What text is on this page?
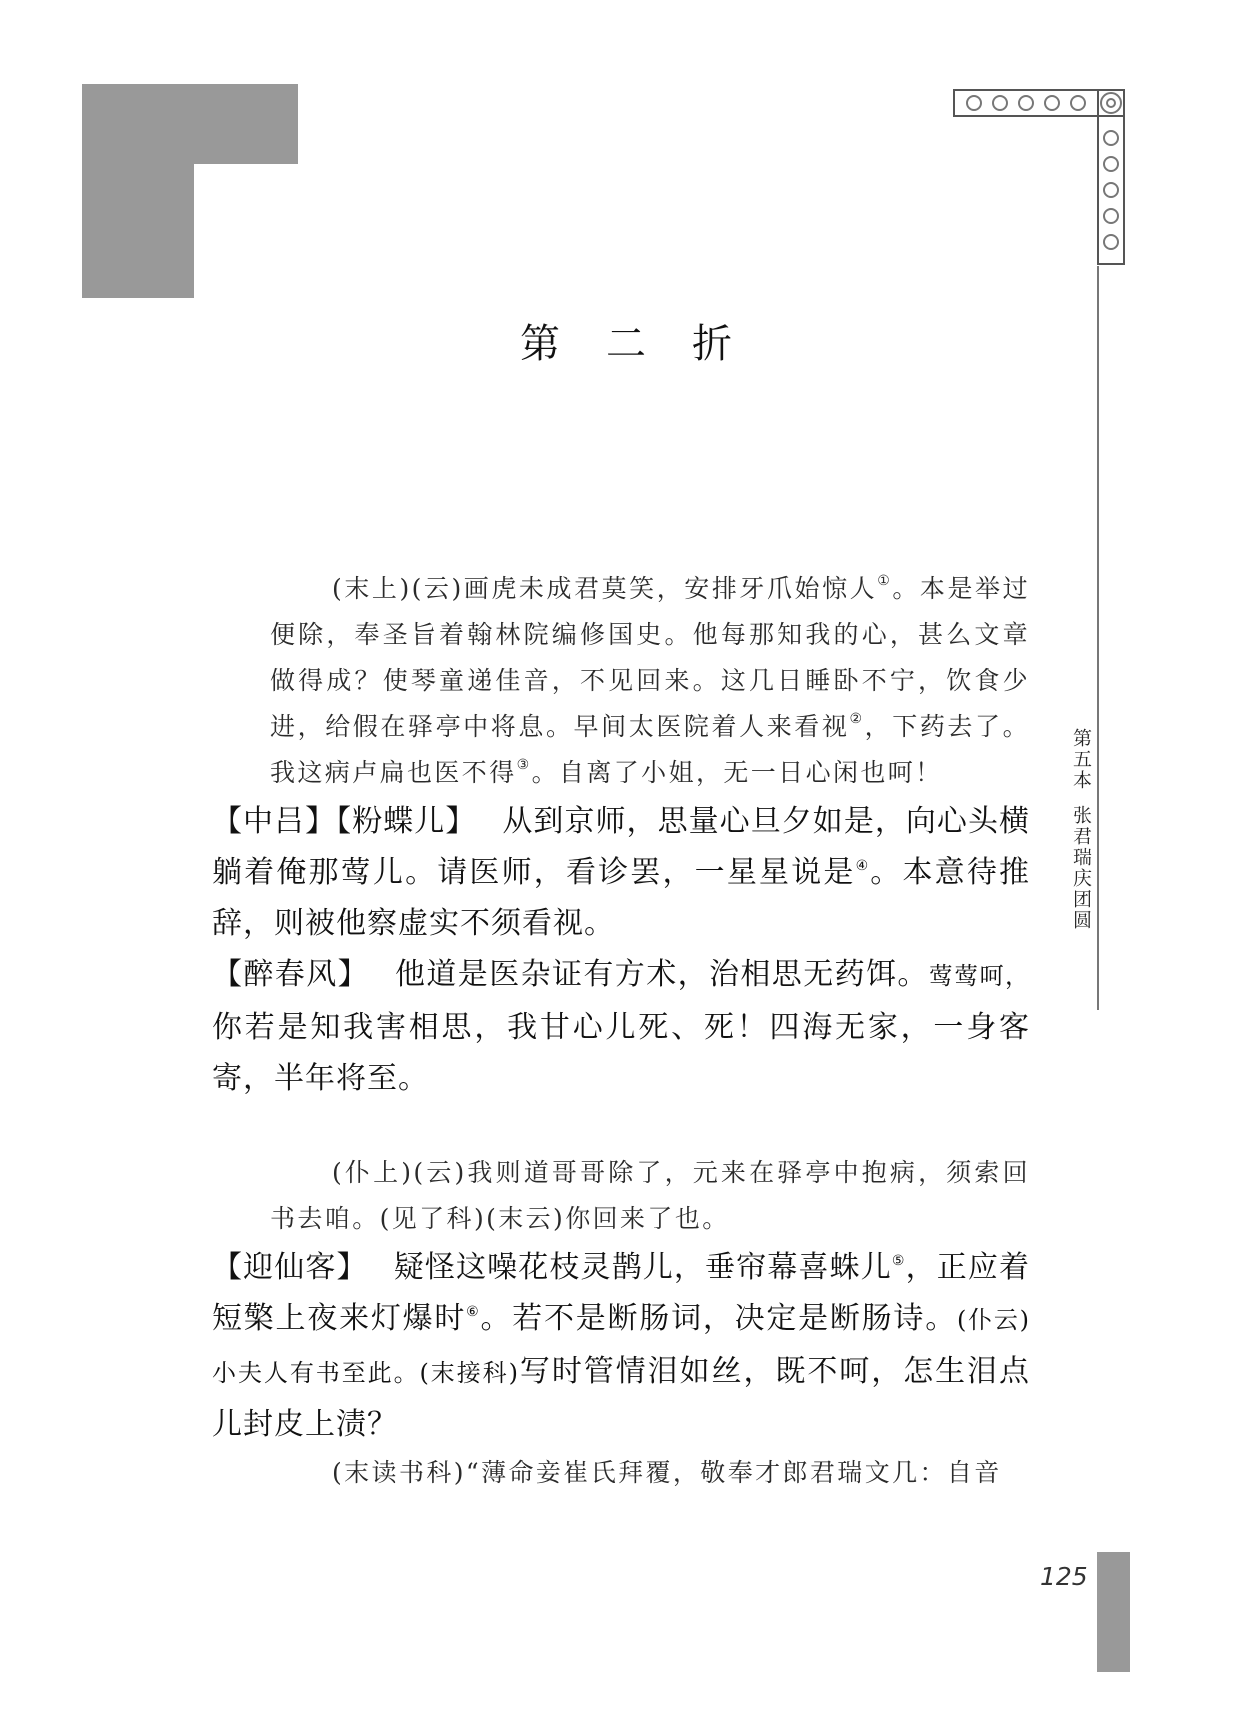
第五本张君瑞庆团圆
第二折

(末上)(云)画虎未成君莫笑，安排牙爪始惊人①。本是举过便除，奉圣旨着翰林院编修国史。他每那知我的心，甚么文章做得成？使琴童递佳音，不见回来。这几日睡卧不宁，饮食少进，给假在驿亭中将息。早间太医院着人来看视②，下药去了。我这病卢扁也医不得③。自离了小姐，无一日心闲也呵！

【中吕】【粉蝶儿】 从到京师，思量心旦夕如是，向心头横躺着俺那莺儿。请医师，看诊罢，一星星说是④。本意待推辞，则被他察虚实不须看视。

【醉春风】 他道是医杂证有方术，治相思无药饵。莺莺呵，你若是知我害相思，我甘心儿死、死！四海无家，一身客寄，半年将至。

(仆上)(云)我则道哥哥除了，元来在驿亭中抱病，须索回书去咱。(见了科)(末云)你回来了也。

【迎仙客】 疑怪这噪花枝灵鹊儿，垂帘幕喜蛛儿⑤，正应着短檠上夜来灯爆时⑥。若不是断肠词，决定是断肠诗。(仆云)小夫人有书至此。(末接科)写时管情泪如丝，既不呵，怎生泪点儿封皮上渍？

(末读书科)“薄命妾崔氏拜覆，敬奉才郎君瑞文几：自音

125
